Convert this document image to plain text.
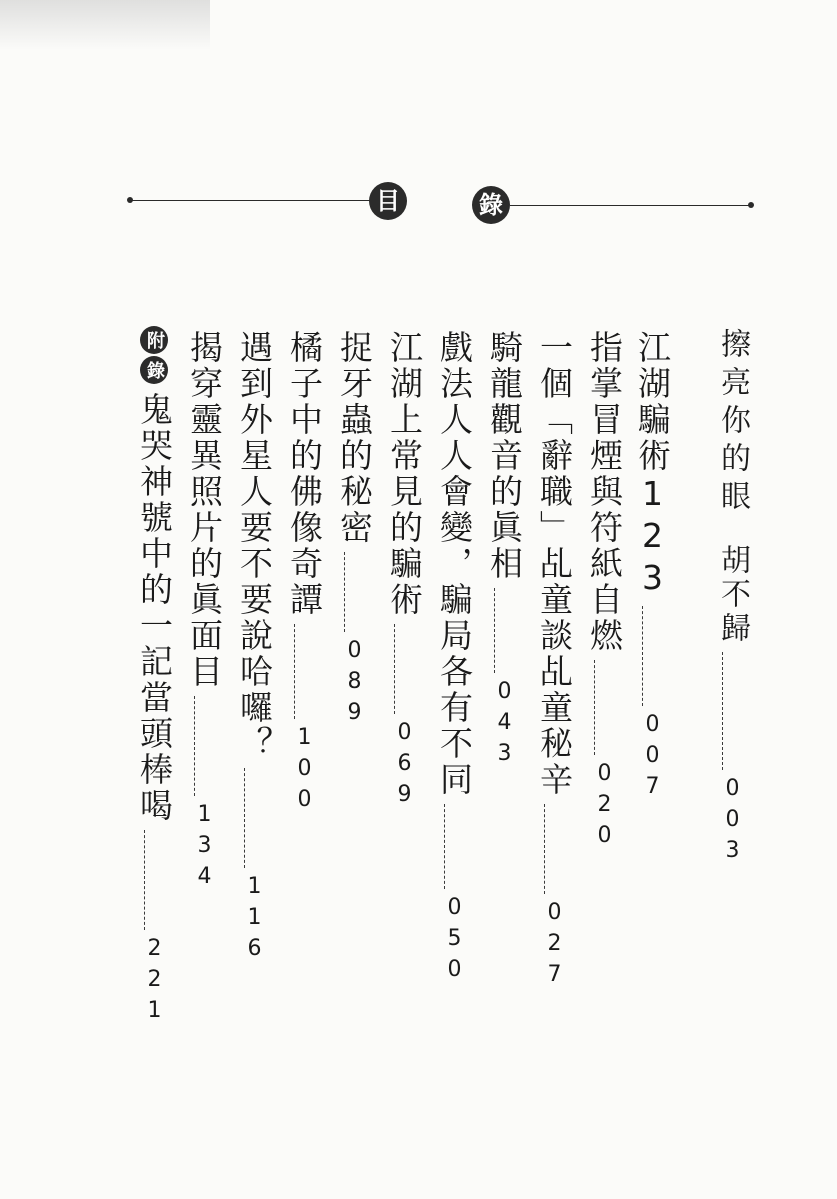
目	錄
擦亮你的眼胡不歸003
江湖騙術123007
指掌冒煙與符紙自燃020
一個「辭職」乩童談乩童秘辛027
騎龍觀音的眞相043
戲法人人會變，騙局各有不同050
江湖上常見的騙術069
捉牙蟲的秘密089
橘子中的佛像奇譚100
遇到外星人要不要說哈囉？116
揭穿靈異照片的眞面目134
附錄鬼哭神號中的一記當頭棒喝221
